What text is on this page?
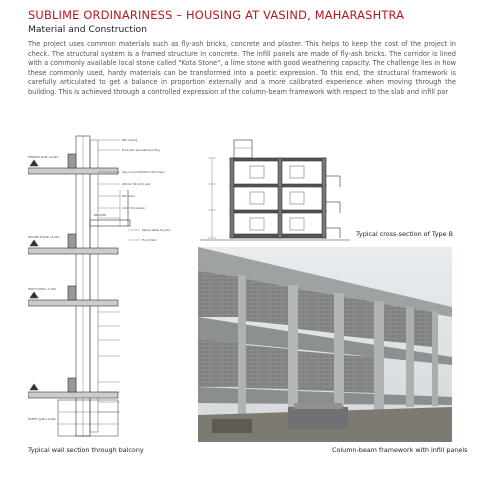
SUBLIME ORDINARINESS – HOUSING AT VASIND, MAHARASHTRA
Material and Construction
The project uses common materials such as fly-ash bricks, concrete and plaster. This helps to keep the cost of the project in check. The structural system is a framed structure in concrete. The infill panels are made of fly-ash bricks. The corridor is lined with a commonly available local stone called "Kota Stone", a lime stone with good weathering capacity. The challenge lies in how these commonly used, hardy materials can be transformed into a poetic expression. To this end, the structural framework is carefully articulated to get a balance in proportion externally and a more calibrated experience when moving through the building. This is achieved through a controlled expression of the column-beam framework with respect to the slab and infill par
TERRACE SLAB +9.30m
SECOND FLOOR +6.20m
FIRST FLOOR +3.10m
PLINTH SLAB +0.60m
BALCONY
RCC Coping
Brick bat coba waterproofing
Clay mould 20x50mm RCC beam
200mm thk brick wall
RCC lintel
12mm thk plaster
Railing (Refer Drg No)
Floor finish
Typical wall section through balcony
Typical cross-section of Type B
Column-beam framework with infill panels
